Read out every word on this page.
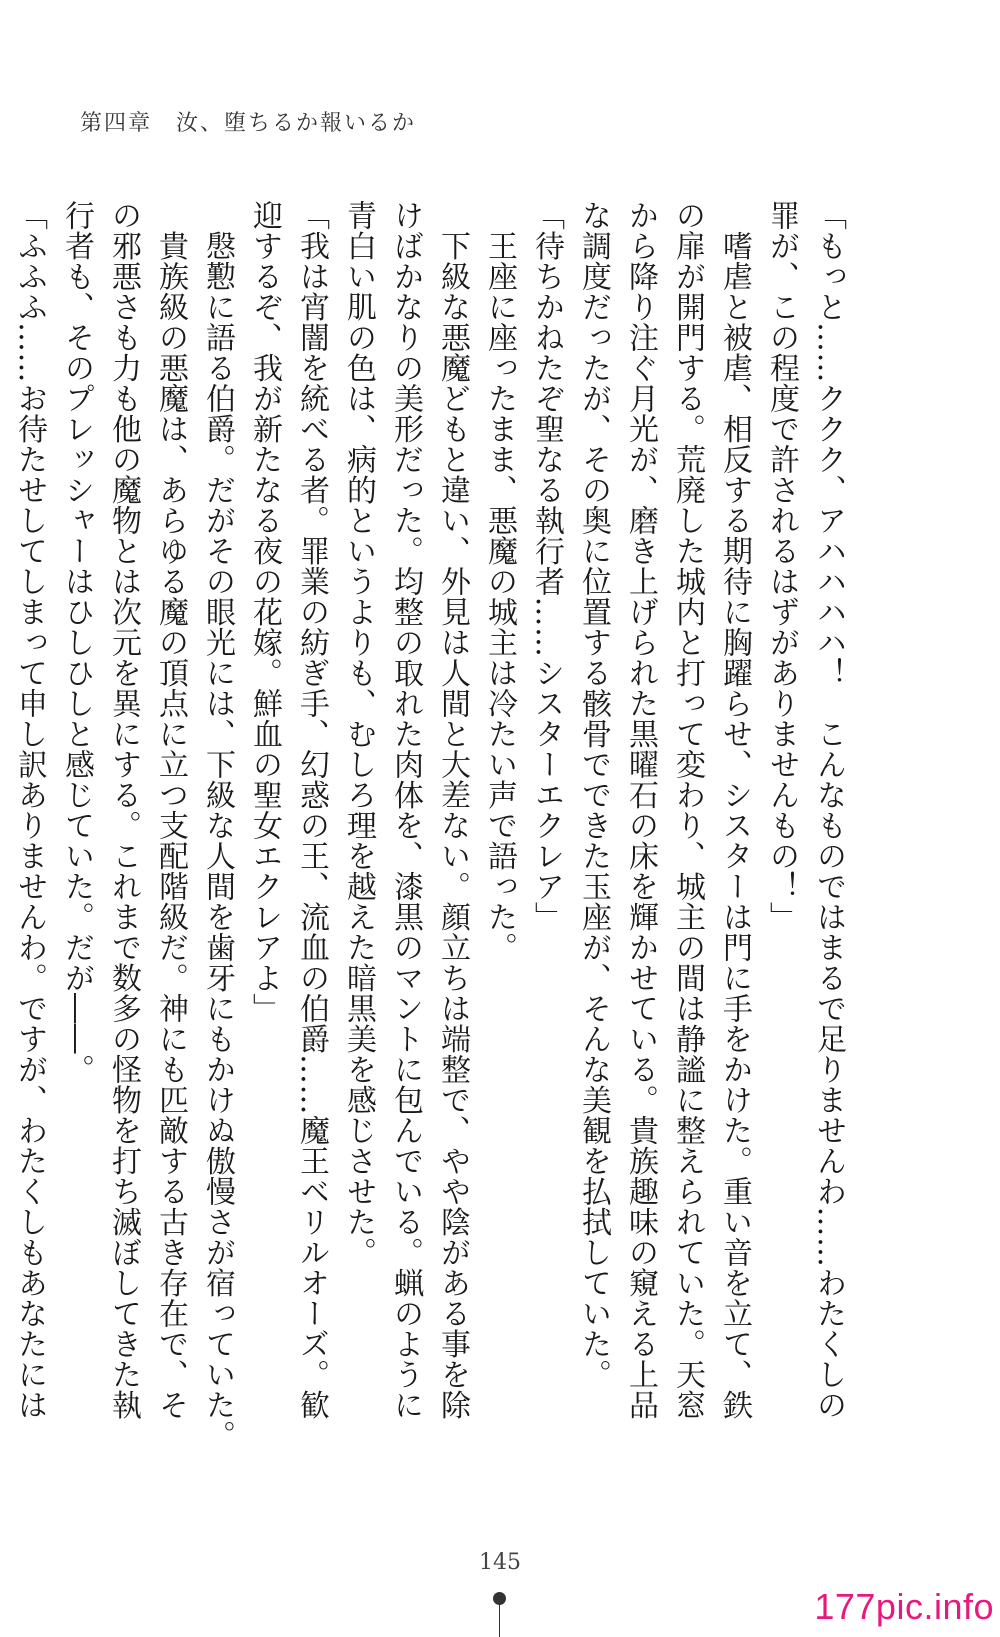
第四章　汝、堕ちるか報いるか
「もっと……ククク、アハハハハ！　こんなものではまるで足りませんわ……わたくしの
罪が、この程度で許されるはずがありませんもの！」
　嗜虐と被虐、相反する期待に胸躍らせ、シスターは門に手をかけた。重い音を立て、鉄
の扉が開門する。荒廃した城内と打って変わり、城主の間は静謐に整えられていた。天窓
から降り注ぐ月光が、磨き上げられた黒曜石の床を輝かせている。貴族趣味の窺える上品
な調度だったが、その奥に位置する骸骨でできた玉座が、そんな美観を払拭していた。
「待ちかねたぞ聖なる執行者……シスターエクレア」
　王座に座ったまま、悪魔の城主は冷たい声で語った。
　下級な悪魔どもと違い、外見は人間と大差ない。顔立ちは端整で、やや陰がある事を除
けばかなりの美形だった。均整の取れた肉体を、漆黒のマントに包んでいる。蝋のように
青白い肌の色は、病的というよりも、むしろ理を越えた暗黒美を感じさせた。
「我は宵闇を統べる者。罪業の紡ぎ手、幻惑の王、流血の伯爵……魔王ベリルオーズ。歓
迎するぞ、我が新たなる夜の花嫁。鮮血の聖女エクレアよ」
　慇懃に語る伯爵。だがその眼光には、下級な人間を歯牙にもかけぬ傲慢さが宿っていた。
　貴族級の悪魔は、あらゆる魔の頂点に立つ支配階級だ。神にも匹敵する古き存在で、そ
の邪悪さも力も他の魔物とは次元を異にする。これまで数多の怪物を打ち滅ぼしてきた執
行者も、そのプレッシャーはひしひしと感じていた。だが――。
「ふふふ……お待たせしてしまって申し訳ありませんわ。ですが、わたくしもあなたには
145
177pic.info
